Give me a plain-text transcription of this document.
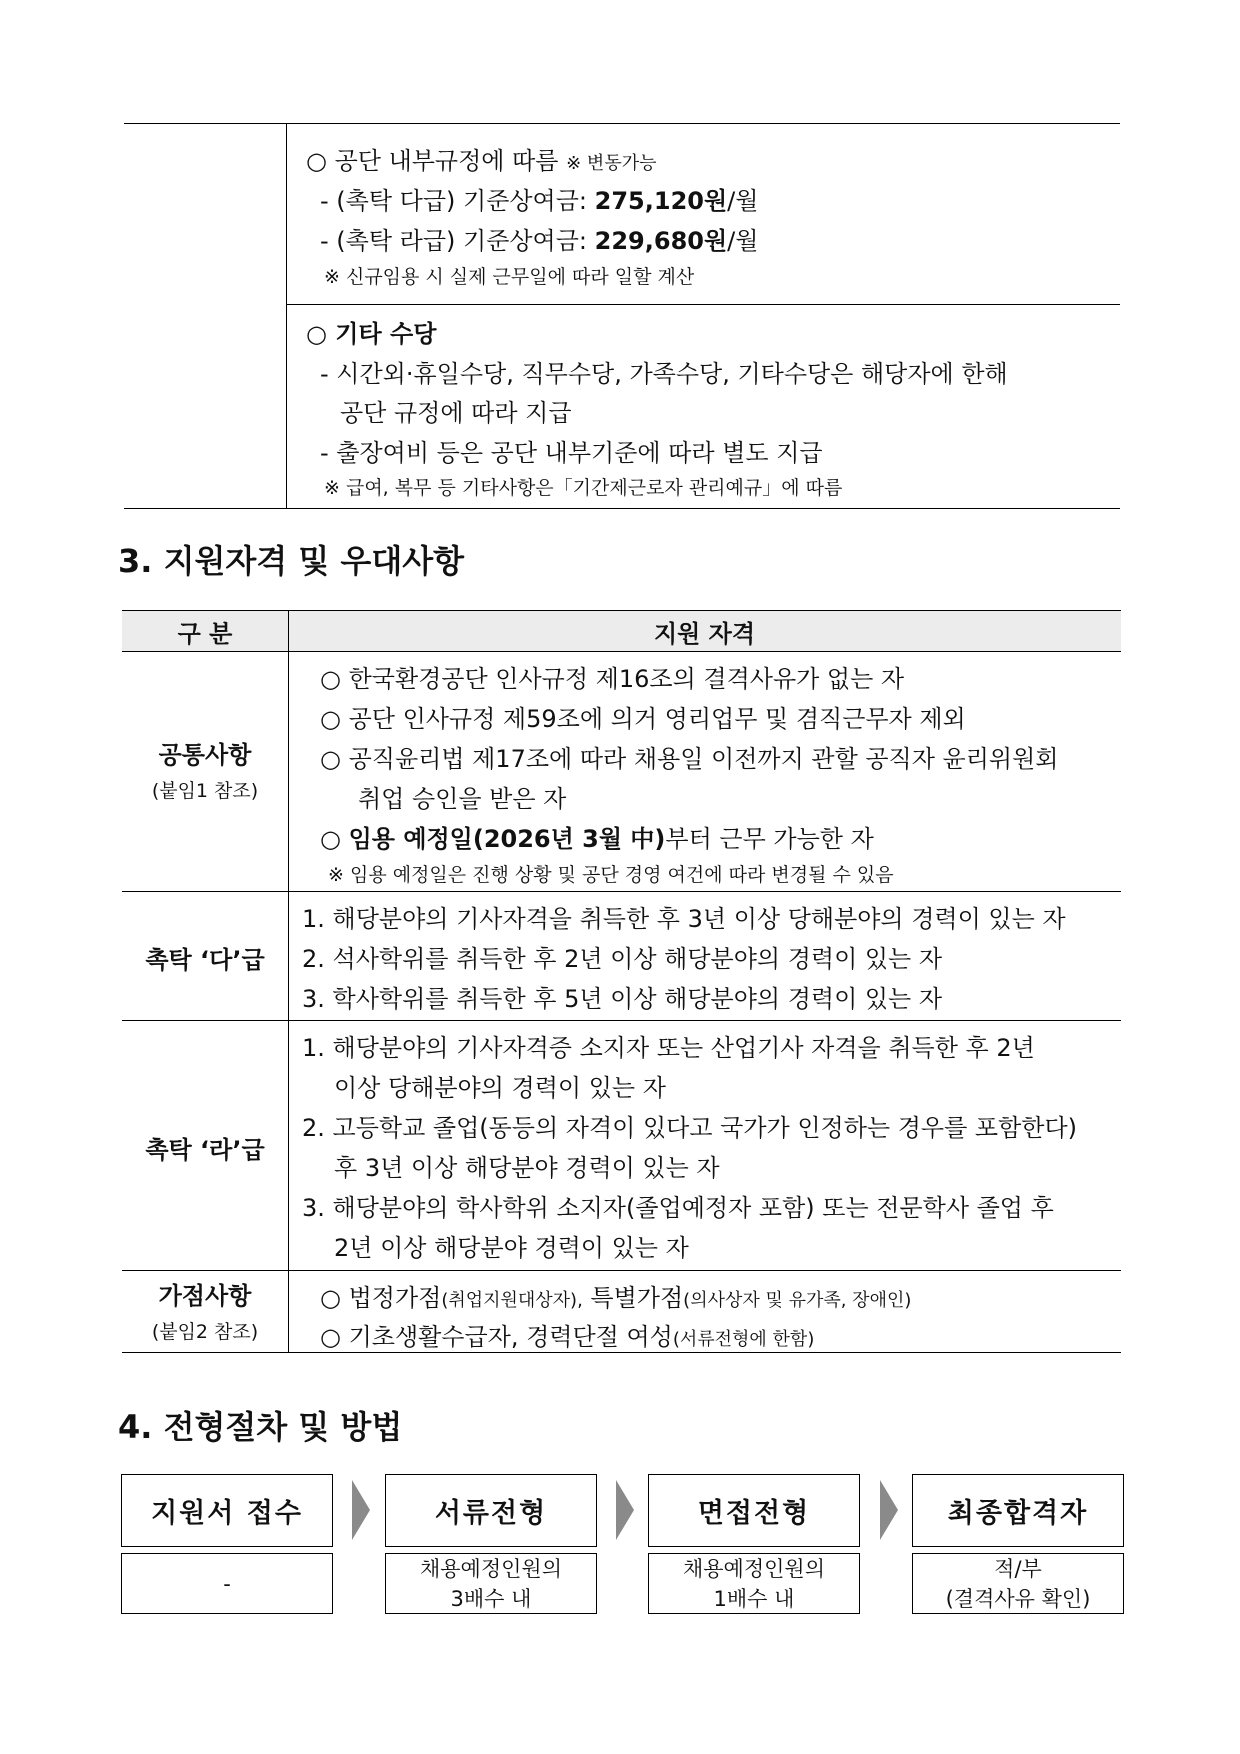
○ 공단 내부규정에 따름 ※ 변동가능
- (촉탁 다급) 기준상여금: 275,120원/월
- (촉탁 라급) 기준상여금: 229,680원/월
※ 신규임용 시 실제 근무일에 따라 일할 계산
○ 기타 수당
- 시간외·휴일수당, 직무수당, 가족수당, 기타수당은 해당자에 한해
공단 규정에 따라 지급
- 출장여비 등은 공단 내부기준에 따라 별도 지급
※ 급여, 복무 등 기타사항은「기간제근로자 관리예규」에 따름
3. 지원자격 및 우대사항
구 분	지원 자격
공통사항
(붙임1 참조)
○ 한국환경공단 인사규정 제16조의 결격사유가 없는 자
○ 공단 인사규정 제59조에 의거 영리업무 및 겸직근무자 제외
○ 공직윤리법 제17조에 따라 채용일 이전까지 관할 공직자 윤리위원회
취업 승인을 받은 자
○ 임용 예정일(2026년 3월 中)부터 근무 가능한 자
※ 임용 예정일은 진행 상황 및 공단 경영 여건에 따라 변경될 수 있음
촉탁 ‘다’급
1. 해당분야의 기사자격을 취득한 후 3년 이상 당해분야의 경력이 있는 자
2. 석사학위를 취득한 후 2년 이상 해당분야의 경력이 있는 자
3. 학사학위를 취득한 후 5년 이상 해당분야의 경력이 있는 자
촉탁 ‘라’급
1. 해당분야의 기사자격증 소지자 또는 산업기사 자격을 취득한 후 2년
이상 당해분야의 경력이 있는 자
2. 고등학교 졸업(동등의 자격이 있다고 국가가 인정하는 경우를 포함한다)
후 3년 이상 해당분야 경력이 있는 자
3. 해당분야의 학사학위 소지자(졸업예정자 포함) 또는 전문학사 졸업 후
2년 이상 해당분야 경력이 있는 자
가점사항
(붙임2 참조)
○ 법정가점(취업지원대상자), 특별가점(의사상자 및 유가족, 장애인)
○ 기초생활수급자, 경력단절 여성(서류전형에 한함)
4. 전형절차 및 방법
지원서 접수
-
서류전형
채용예정인원의
3배수 내
면접전형
채용예정인원의
1배수 내
최종합격자
적/부
(결격사유 확인)
